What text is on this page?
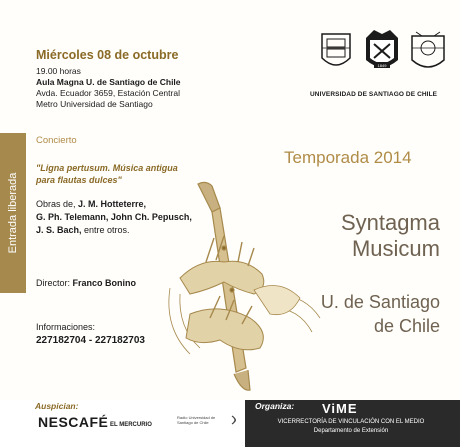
Entrada liberada
Miércoles 08 de octubre
19.00 horas
Aula Magna U. de Santiago de Chile
Avda. Ecuador 3659, Estación Central
Metro Universidad de Santiago
Concierto
"Ligna pertusum. Música antigua
para flautas dulces"
Obras de, J. M. Hotteterre,
G. Ph. Telemann, John Ch. Pepusch,
J. S. Bach, entre otros.
Director: Franco Bonino
Informaciones:
227182704 - 227182703
1849
UNIVERSIDAD DE SANTIAGO DE CHILE
Temporada 2014
Syntagma
Musicum
U. de Santiago
de Chile
Auspician:
NESCAFÉ EL MERCURIO
Radio Universidad de Santiago de Chile
Organiza: ViME
VICERRECTORÍA DE VINCULACIÓN CON EL MEDIO
Departamento de Extensión
